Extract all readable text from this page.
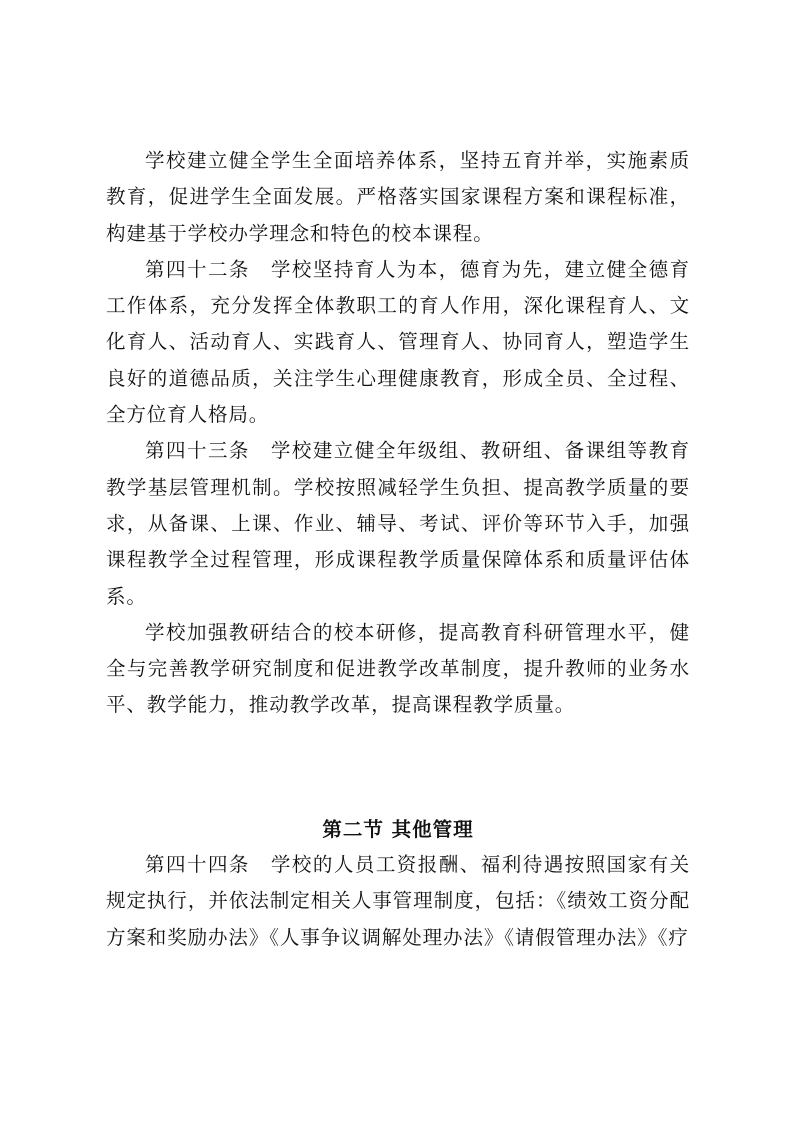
学校建立健全学生全面培养体系，坚持五育并举，实施素质教育，促进学生全面发展。严格落实国家课程方案和课程标准，构建基于学校办学理念和特色的校本课程。

第四十二条　学校坚持育人为本，德育为先，建立健全德育工作体系，充分发挥全体教职工的育人作用，深化课程育人、文化育人、活动育人、实践育人、管理育人、协同育人，塑造学生良好的道德品质，关注学生心理健康教育，形成全员、全过程、全方位育人格局。

第四十三条　学校建立健全年级组、教研组、备课组等教育教学基层管理机制。学校按照减轻学生负担、提高教学质量的要求，从备课、上课、作业、辅导、考试、评价等环节入手，加强课程教学全过程管理，形成课程教学质量保障体系和质量评估体系。

学校加强教研结合的校本研修，提高教育科研管理水平，健全与完善教学研究制度和促进教学改革制度，提升教师的业务水平、教学能力，推动教学改革，提高课程教学质量。

第二节 其他管理

第四十四条　学校的人员工资报酬、福利待遇按照国家有关规定执行，并依法制定相关人事管理制度，包括：《绩效工资分配方案和奖励办法》《人事争议调解处理办法》《请假管理办法》《疗
